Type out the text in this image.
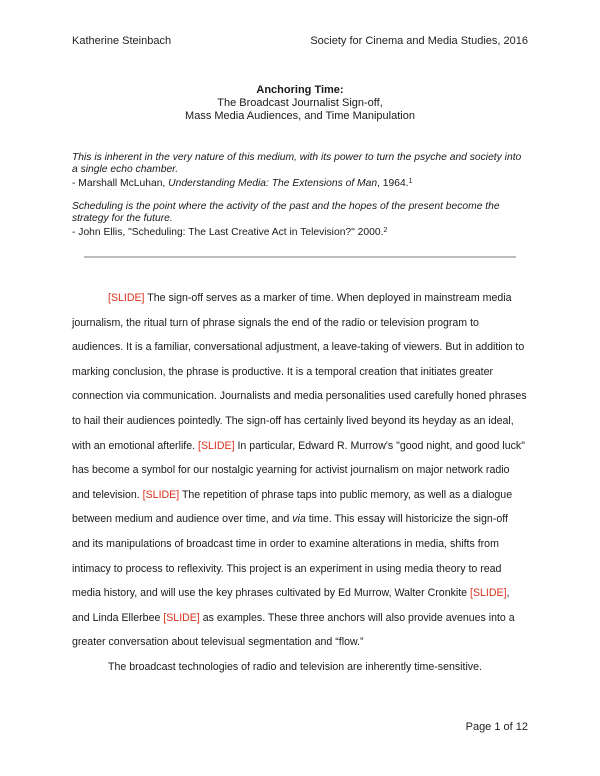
Katherine Steinbach	Society for Cinema and Media Studies, 2016
Anchoring Time:
The Broadcast Journalist Sign-off,
Mass Media Audiences, and Time Manipulation
This is inherent in the very nature of this medium, with its power to turn the psyche and society into a single echo chamber.
- Marshall McLuhan, Understanding Media: The Extensions of Man, 1964.$^1$
Scheduling is the point where the activity of the past and the hopes of the present become the strategy for the future.
- John Ellis, "Scheduling: The Last Creative Act in Television?" 2000.$^2$

[SLIDE] The sign-off serves as a marker of time. When deployed in mainstream media journalism, the ritual turn of phrase signals the end of the radio or television program to audiences. It is a familiar, conversational adjustment, a leave-taking of viewers. But in addition to marking conclusion, the phrase is productive. It is a temporal creation that initiates greater connection via communication. Journalists and media personalities used carefully honed phrases to hail their audiences pointedly. The sign-off has certainly lived beyond its heyday as an ideal, with an emotional afterlife. [SLIDE] In particular, Edward R. Murrow's "good night, and good luck" has become a symbol for our nostalgic yearning for activist journalism on major network radio and television. [SLIDE] The repetition of phrase taps into public memory, as well as a dialogue between medium and audience over time, and via time. This essay will historicize the sign-off and its manipulations of broadcast time in order to examine alterations in media, shifts from intimacy to process to reflexivity. This project is an experiment in using media theory to read media history, and will use the key phrases cultivated by Ed Murrow, Walter Cronkite [SLIDE], and Linda Ellerbee [SLIDE] as examples. These three anchors will also provide avenues into a greater conversation about televisual segmentation and “flow.”

The broadcast technologies of radio and television are inherently time-sensitive.

Page 1 of 12
